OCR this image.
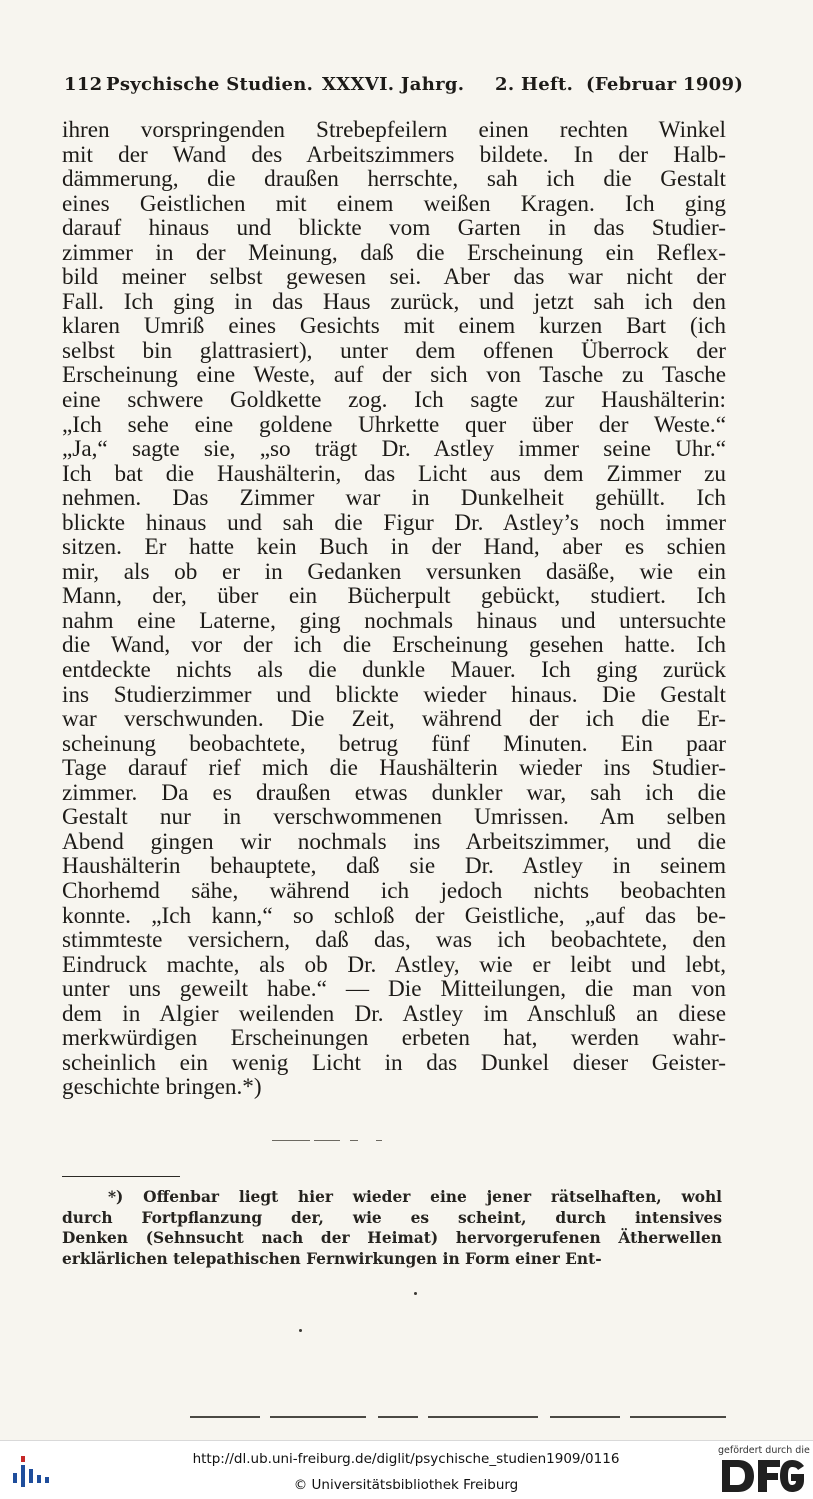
112 Psychische Studien. XXXVI. Jahrg. 2. Heft. (Februar 1909)
ihren vorspringenden Strebepfeilern einen rechten Winkel
mit der Wand des Arbeitszimmers bildete. In der Halb-
dämmerung, die draußen herrschte, sah ich die Gestalt
eines Geistlichen mit einem weißen Kragen. Ich ging
darauf hinaus und blickte vom Garten in das Studier-
zimmer in der Meinung, daß die Erscheinung ein Reflex-
bild meiner selbst gewesen sei. Aber das war nicht der
Fall. Ich ging in das Haus zurück, und jetzt sah ich den
klaren Umriß eines Gesichts mit einem kurzen Bart (ich
selbst bin glattrasiert), unter dem offenen Überrock der
Erscheinung eine Weste, auf der sich von Tasche zu Tasche
eine schwere Goldkette zog. Ich sagte zur Haushälterin:
„Ich sehe eine goldene Uhrkette quer über der Weste.“
„Ja,“ sagte sie, „so trägt Dr. Astley immer seine Uhr.“
Ich bat die Haushälterin, das Licht aus dem Zimmer zu
nehmen. Das Zimmer war in Dunkelheit gehüllt. Ich
blickte hinaus und sah die Figur Dr. Astley’s noch immer
sitzen. Er hatte kein Buch in der Hand, aber es schien
mir, als ob er in Gedanken versunken dasäße, wie ein
Mann, der, über ein Bücherpult gebückt, studiert. Ich
nahm eine Laterne, ging nochmals hinaus und untersuchte
die Wand, vor der ich die Erscheinung gesehen hatte. Ich
entdeckte nichts als die dunkle Mauer. Ich ging zurück
ins Studierzimmer und blickte wieder hinaus. Die Gestalt
war verschwunden. Die Zeit, während der ich die Er-
scheinung beobachtete, betrug fünf Minuten. Ein paar
Tage darauf rief mich die Haushälterin wieder ins Studier-
zimmer. Da es draußen etwas dunkler war, sah ich die
Gestalt nur in verschwommenen Umrissen. Am selben
Abend gingen wir nochmals ins Arbeitszimmer, und die
Haushälterin behauptete, daß sie Dr. Astley in seinem
Chorhemd sähe, während ich jedoch nichts beobachten
konnte. „Ich kann,“ so schloß der Geistliche, „auf das be-
stimmteste versichern, daß das, was ich beobachtete, den
Eindruck machte, als ob Dr. Astley, wie er leibt und lebt,
unter uns geweilt habe.“ — Die Mitteilungen, die man von
dem in Algier weilenden Dr. Astley im Anschluß an diese
merkwürdigen Erscheinungen erbeten hat, werden wahr-
scheinlich ein wenig Licht in das Dunkel dieser Geister-
geschichte bringen.*)
*) Offenbar liegt hier wieder eine jener rätselhaften, wohl
durch Fortpflanzung der, wie es scheint, durch intensives
Denken (Sehnsucht nach der Heimat) hervorgerufenen Ätherwellen
erklärlichen telepathischen Fernwirkungen in Form einer Ent-
http://dl.ub.uni-freiburg.de/diglit/psychische_studien1909/0116
© Universitätsbibliothek Freiburg
gefördert durch die
